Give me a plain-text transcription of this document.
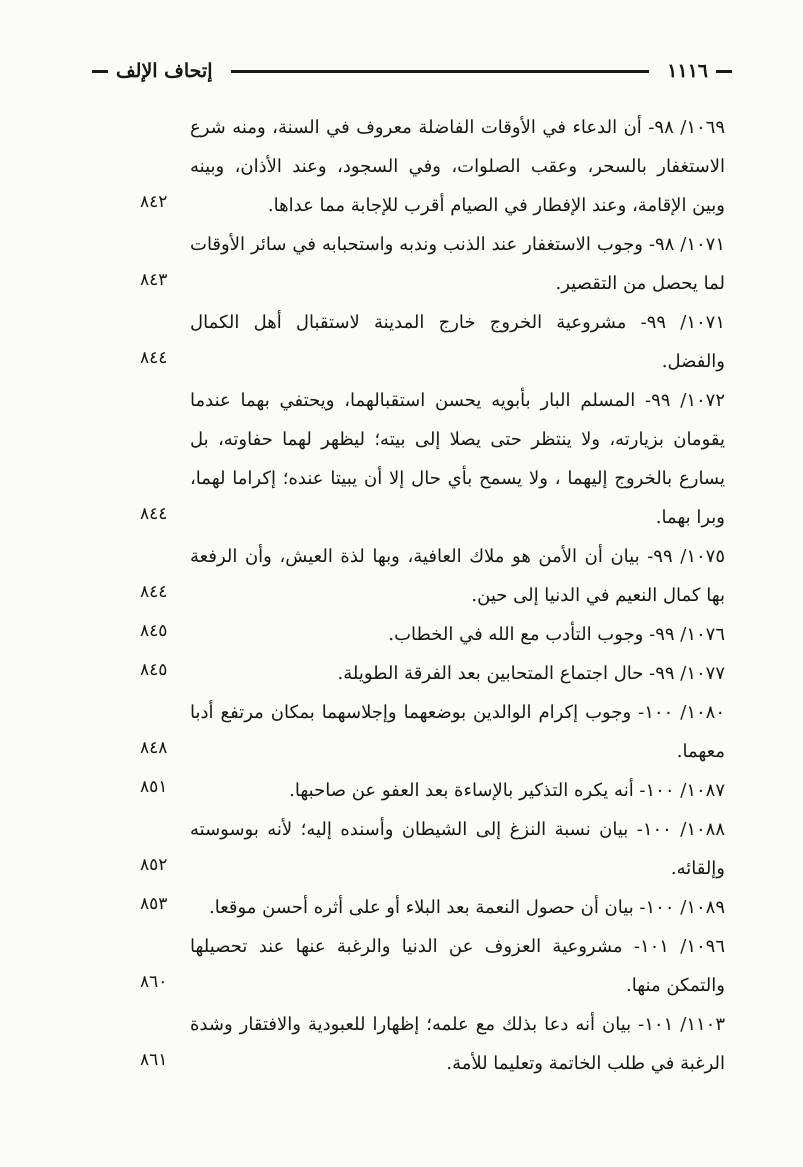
إتحاف الإلف	١١١٦
١٠٦٩/ ٩٨- أن الدعاء في الأوقات الفاضلة معروف في السنة، ومنه شرع الاستغفار بالسحر، وعقب الصلوات، وفي السجود، وعند الأذان، وبينه وبين الإقامة، وعند الإفطار في الصيام أقرب للإجابة مما عداها.
٨٤٢
١٠٧١/ ٩٨- وجوب الاستغفار عند الذنب وندبه واستحبابه في سائر الأوقات لما يحصل من التقصير.
٨٤٣
١٠٧١/ ٩٩- مشروعية الخروج خارج المدينة لاستقبال أهل الكمال والفضل.
٨٤٤
١٠٧٢/ ٩٩- المسلم البار بأبويه يحسن استقبالهما، ويحتفي بهما عندما يقومان بزيارته، ولا ينتظر حتى يصلا إلى بيته؛ ليظهر لهما حفاوته، بل يسارع بالخروج إليهما ، ولا يسمح بأي حال إلا أن يبيتا عنده؛ إكراما لهما، وبرا بهما.
٨٤٤
١٠٧٥/ ٩٩- بيان أن الأمن هو ملاك العافية، وبها لذة العيش، وأن الرفعة بها كمال النعيم في الدنيا إلى حين.
٨٤٤
١٠٧٦/ ٩٩- وجوب التأدب مع الله في الخطاب.
٨٤٥
١٠٧٧/ ٩٩- حال اجتماع المتحابين بعد الفرقة الطويلة.
٨٤٥
١٠٨٠/ ١٠٠- وجوب إكرام الوالدين بوضعهما وإجلاسهما بمكان مرتفع أدبا معهما.
٨٤٨
١٠٨٧/ ١٠٠- أنه يكره التذكير بالإساءة بعد العفو عن صاحبها.
٨٥١
١٠٨٨/ ١٠٠- بيان نسبة النزغ إلى الشيطان وأسنده إليه؛ لأنه بوسوسته وإلقائه.
٨٥٢
١٠٨٩/ ١٠٠- بيان أن حصول النعمة بعد البلاء أو على أثره أحسن موقعا.
٨٥٣
١٠٩٦/ ١٠١- مشروعية العزوف عن الدنيا والرغبة عنها عند تحصيلها والتمكن منها.
٨٦٠
١١٠٣/ ١٠١- بيان أنه دعا بذلك مع علمه؛ إظهارا للعبودية والافتقار وشدة الرغبة في طلب الخاتمة وتعليما للأمة.
٨٦١
